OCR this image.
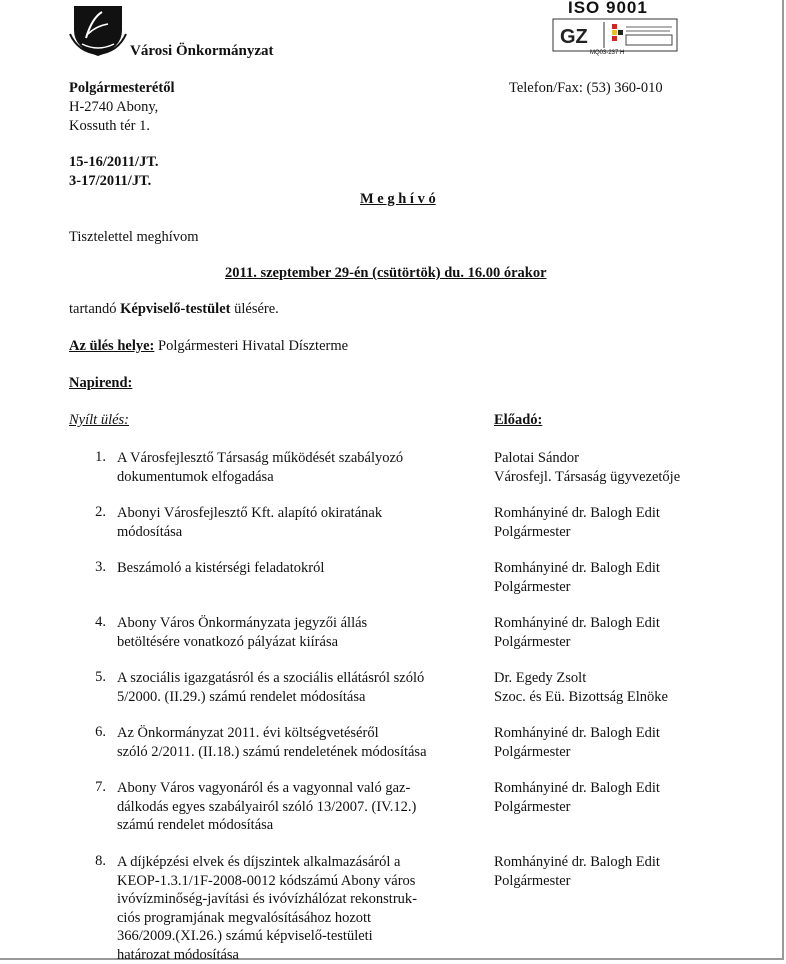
Városi Önkormányzat
ISO 9001
GZ
MQ03-237 H
Polgármesterétől
H-2740 Abony,
Kossuth tér 1.
Telefon/Fax: (53) 360-010
15-16/2011/JT.
3-17/2011/JT.
M e g h í v ó
Tisztelettel meghívom
2011. szeptember 29-én (csütörtök) du. 16.00 órakor
tartandó Képviselő-testület ülésére.
Az ülés helye: Polgármesteri Hivatal Díszterme
Napirend:
Nyílt ülés:	Előadó:
1. A Városfejlesztő Társaság működését szabályozó
dokumentumok elfogadása
Palotai Sándor
Városfejl. Társaság ügyvezetője
2. Abonyi Városfejlesztő Kft. alapító okiratának
módosítása
Romhányiné dr. Balogh Edit
Polgármester
3. Beszámoló a kistérségi feladatokról	Romhányiné dr. Balogh Edit
Polgármester
4. Abony Város Önkormányzata jegyzői állás
betöltésére vonatkozó pályázat kiírása
Romhányiné dr. Balogh Edit
Polgármester
5. A szociális igazgatásról és a szociális ellátásról szóló
5/2000. (II.29.) számú rendelet módosítása
Dr. Egedy Zsolt
Szoc. és Eü. Bizottság Elnöke
6. Az Önkormányzat 2011. évi költségvetéséről
szóló 2/2011. (II.18.) számú rendeletének módosítása
Romhányiné dr. Balogh Edit
Polgármester
7. Abony Város vagyonáról és a vagyonnal való gaz-
dálkodás egyes szabályairól szóló 13/2007. (IV.12.)
számú rendelet módosítása
Romhányiné dr. Balogh Edit
Polgármester
8. A díjképzési elvek és díjszintek alkalmazásáról a
KEOP-1.3.1/1F-2008-0012 kódszámú Abony város
ivóvízminőség-javítási és ivóvízhálózat rekonstruk-
ciós programjának megvalósításához hozott
366/2009.(XI.26.) számú képviselő-testületi
határozat módosítása
Romhányiné dr. Balogh Edit
Polgármester
